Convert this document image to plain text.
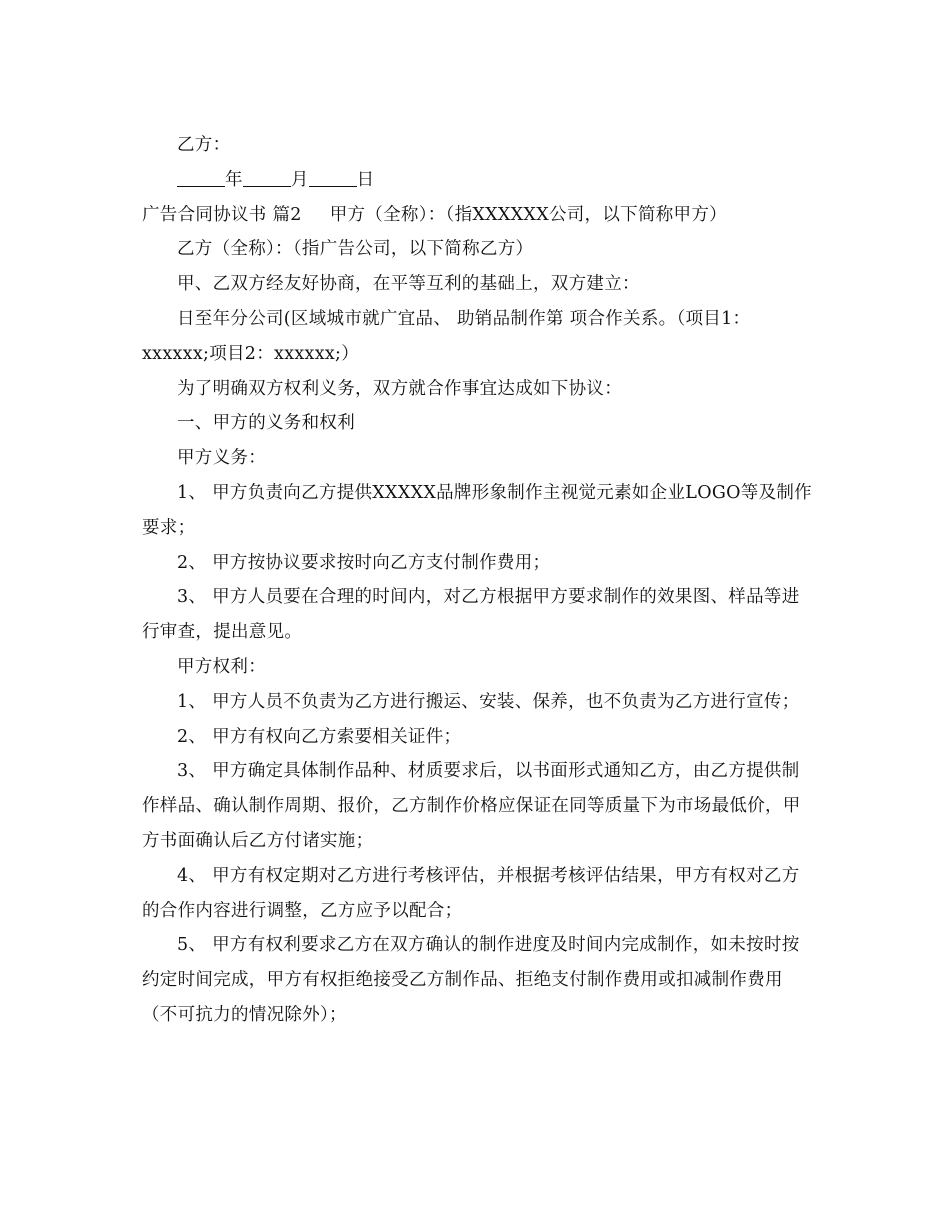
乙方：

年	月	日

广告合同协议书 篇2 甲方（全称）：（指XXXXXX公司，以下简称甲方）

乙方（全称）：（指广告公司，以下简称乙方）

甲、乙双方经友好协商，在平等互利的基础上，双方建立：

日至年分公司(区域城市就广宜品、 助销品制作第 项合作关系。（项目1：

xxxxxx;项目2：xxxxxx;）

为了明确双方权利义务，双方就合作事宜达成如下协议：

一、甲方的义务和权利

甲方义务：

1、 甲方负责向乙方提供XXXXX品牌形象制作主视觉元素如企业LOGO等及制作要求；

2、 甲方按协议要求按时向乙方支付制作费用；

3、 甲方人员要在合理的时间内，对乙方根据甲方要求制作的效果图、样品等进行审查，提出意见。

甲方权利：

1、 甲方人员不负责为乙方进行搬运、安装、保养，也不负责为乙方进行宣传；

2、 甲方有权向乙方索要相关证件；

3、 甲方确定具体制作品种、材质要求后，以书面形式通知乙方，由乙方提供制作样品、确认制作周期、报价，乙方制作价格应保证在同等质量下为市场最低价，甲方书面确认后乙方付诸实施；

4、 甲方有权定期对乙方进行考核评估，并根据考核评估结果，甲方有权对乙方的合作内容进行调整，乙方应予以配合；

5、 甲方有权利要求乙方在双方确认的制作进度及时间内完成制作，如未按时按约定时间完成，甲方有权拒绝接受乙方制作品、拒绝支付制作费用或扣减制作费用（不可抗力的情况除外）；
